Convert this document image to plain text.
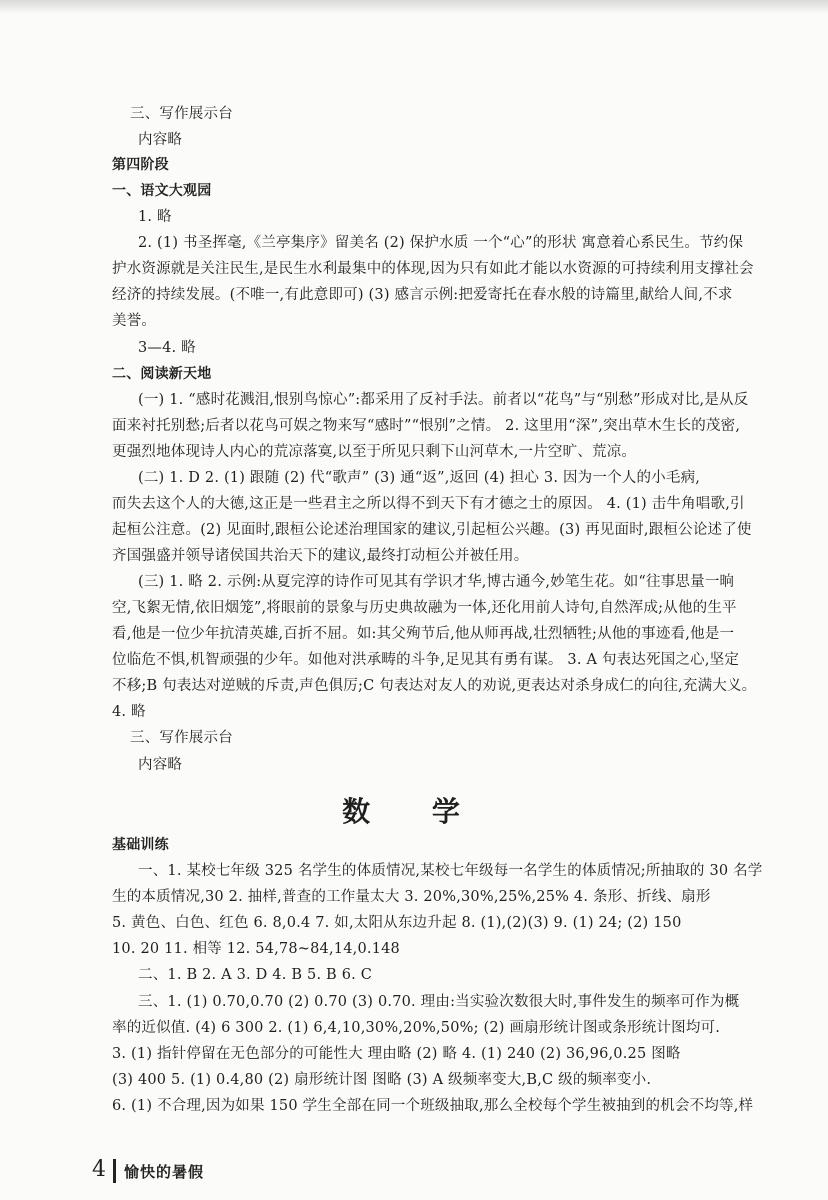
三、写作展示台
内容略
第四阶段
一、语文大观园
1. 略
2. (1) 书圣挥毫,《兰亭集序》留美名 (2) 保护水质 一个“心”的形状 寓意着心系民生。节约保
护水资源就是关注民生,是民生水利最集中的体现,因为只有如此才能以水资源的可持续利用支撑社会
经济的持续发展。(不唯一,有此意即可) (3) 感言示例:把爱寄托在春水般的诗篇里,献给人间,不求
美誉。
3—4. 略
二、阅读新天地
(一) 1. “感时花溅泪,恨别鸟惊心”:都采用了反衬手法。前者以“花鸟”与“别愁”形成对比,是从反
面来衬托别愁;后者以花鸟可娱之物来写“感时”“恨别”之情。 2. 这里用“深”,突出草木生长的茂密,
更强烈地体现诗人内心的荒凉落寞,以至于所见只剩下山河草木,一片空旷、荒凉。
(二) 1. D 2. (1) 跟随 (2) 代“歌声” (3) 通“返”,返回 (4) 担心 3. 因为一个人的小毛病,
而失去这个人的大德,这正是一些君主之所以得不到天下有才德之士的原因。 4. (1) 击牛角唱歌,引
起桓公注意。(2) 见面时,跟桓公论述治理国家的建议,引起桓公兴趣。(3) 再见面时,跟桓公论述了使
齐国强盛并领导诸侯国共治天下的建议,最终打动桓公并被任用。
(三) 1. 略 2. 示例:从夏完淳的诗作可见其有学识才华,博古通今,妙笔生花。如“往事思量一晌
空,飞絮无情,依旧烟笼”,将眼前的景象与历史典故融为一体,还化用前人诗句,自然浑成;从他的生平
看,他是一位少年抗清英雄,百折不屈。如:其父殉节后,他从师再战,壮烈牺牲;从他的事迹看,他是一
位临危不惧,机智顽强的少年。如他对洪承畴的斗争,足见其有勇有谋。 3. A 句表达死国之心,坚定
不移;B 句表达对逆贼的斥责,声色俱厉;C 句表达对友人的劝说,更表达对杀身成仁的向往,充满大义。
4. 略
三、写作展示台
内容略
数 学
基础训练
一、1. 某校七年级 325 名学生的体质情况,某校七年级每一名学生的体质情况;所抽取的 30 名学
生的本质情况,30 2. 抽样,普查的工作量太大 3. 20%,30%,25%,25% 4. 条形、折线、扇形
5. 黄色、白色、红色 6. 8,0.4 7. 如,太阳从东边升起 8. (1),(2)(3) 9. (1) 24; (2) 150
10. 20 11. 相等 12. 54,78~84,14,0.148
二、1. B 2. A 3. D 4. B 5. B 6. C
三、1. (1) 0.70,0.70 (2) 0.70 (3) 0.70. 理由:当实验次数很大时,事件发生的频率可作为概
率的近似值. (4) 6 300 2. (1) 6,4,10,30%,20%,50%; (2) 画扇形统计图或条形统计图均可.
3. (1) 指针停留在无色部分的可能性大 理由略 (2) 略 4. (1) 240 (2) 36,96,0.25 图略
(3) 400 5. (1) 0.4,80 (2) 扇形统计图 图略 (3) A 级频率变大,B,C 级的频率变小.
6. (1) 不合理,因为如果 150 学生全部在同一个班级抽取,那么全校每个学生被抽到的机会不均等,样
4 愉快的暑假
